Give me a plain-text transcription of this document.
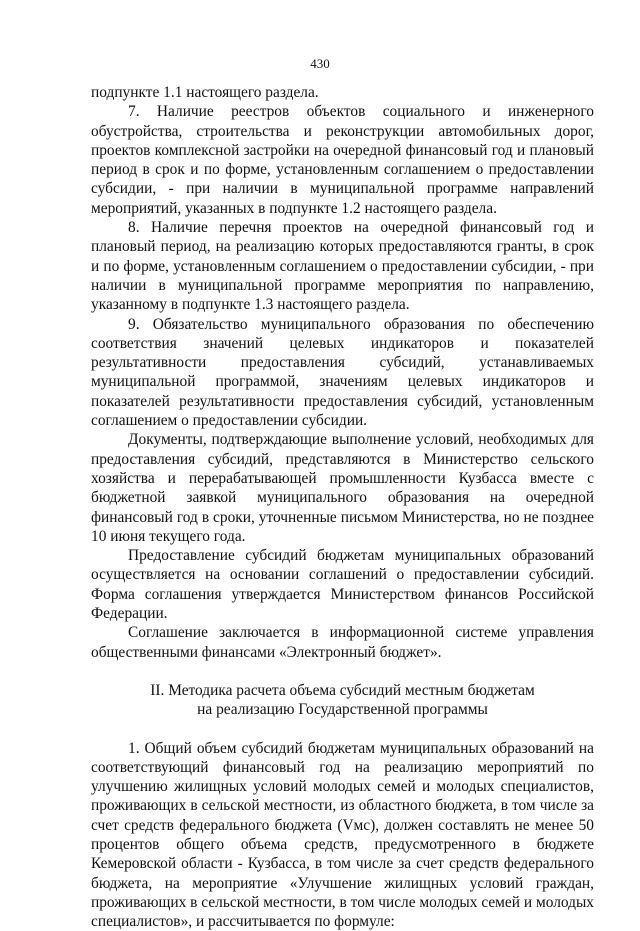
430

подпункте 1.1 настоящего раздела.

7. Наличие реестров объектов социального и инженерного обустройства, строительства и реконструкции автомобильных дорог, проектов комплексной застройки на очередной финансовый год и плановый период в срок и по форме, установленным соглашением о предоставлении субсидии, - при наличии в муниципальной программе направлений мероприятий, указанных в подпункте 1.2 настоящего раздела.

8. Наличие перечня проектов на очередной финансовый год и плановый период, на реализацию которых предоставляются гранты, в срок и по форме, установленным соглашением о предоставлении субсидии, - при наличии в муниципальной программе мероприятия по направлению, указанному в подпункте 1.3 настоящего раздела.

9. Обязательство муниципального образования по обеспечению соответствия значений целевых индикаторов и показателей результативности предоставления субсидий, устанавливаемых муниципальной программой, значениям целевых индикаторов и показателей результативности предоставления субсидий, установленным соглашением о предоставлении субсидии.

Документы, подтверждающие выполнение условий, необходимых для предоставления субсидий, представляются в Министерство сельского хозяйства и перерабатывающей промышленности Кузбасса вместе с бюджетной заявкой муниципального образования на очередной финансовый год в сроки, уточненные письмом Министерства, но не позднее 10 июня текущего года.

Предоставление субсидий бюджетам муниципальных образований осуществляется на основании соглашений о предоставлении субсидий. Форма соглашения утверждается Министерством финансов Российской Федерации.

Соглашение заключается в информационной системе управления общественными финансами «Электронный бюджет».

II. Методика расчета объема субсидий местным бюджетам
на реализацию Государственной программы

1. Общий объем субсидий бюджетам муниципальных образований на соответствующий финансовый год на реализацию мероприятий по улучшению жилищных условий молодых семей и молодых специалистов, проживающих в сельской местности, из областного бюджета, в том числе за счет средств федерального бюджета (Vмс), должен составлять не менее 50 процентов общего объема средств, предусмотренного в бюджете Кемеровской области - Кузбасса, в том числе за счет средств федерального бюджета, на мероприятие «Улучшение жилищных условий граждан, проживающих в сельской местности, в том числе молодых семей и молодых специалистов», и рассчитывается по формуле:
